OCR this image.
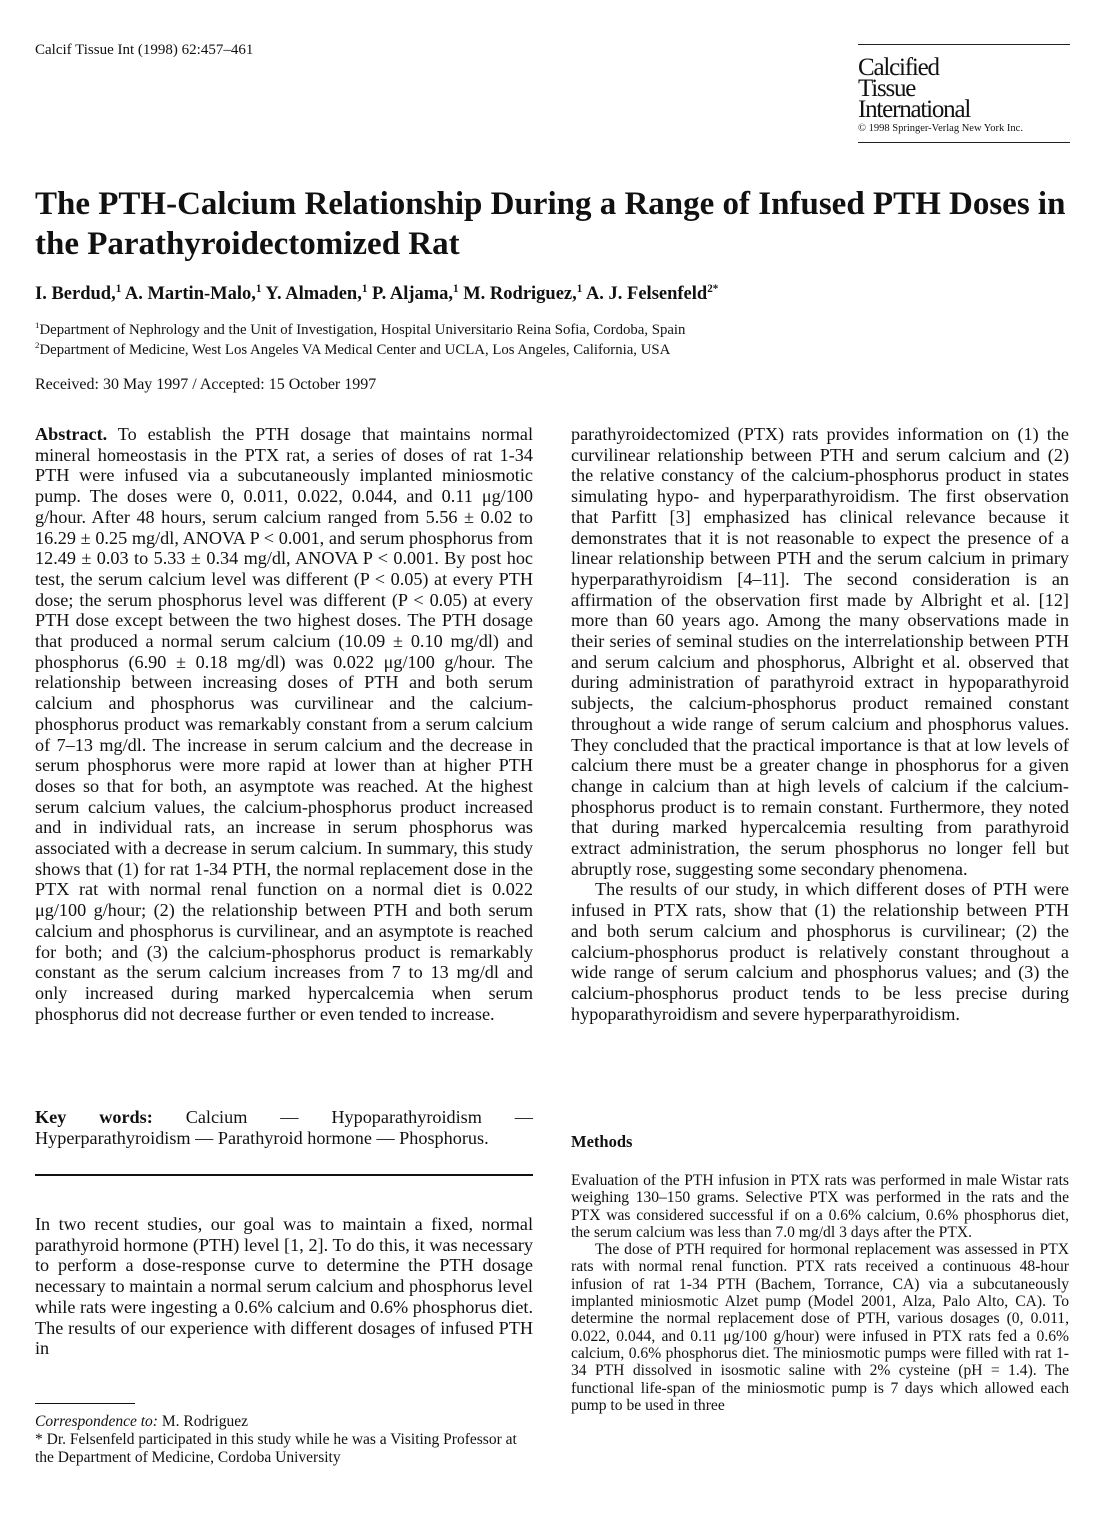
Calcif Tissue Int (1998) 62:457–461
Calcified
Tissue
International
© 1998 Springer-Verlag New York Inc.
The PTH-Calcium Relationship During a Range of Infused PTH Doses in the Parathyroidectomized Rat
I. Berdud,$^1$ A. Martin-Malo,$^1$ Y. Almaden,$^1$ P. Aljama,$^1$ M. Rodriguez,$^1$ A. J. Felsenfeld$^{2*}$
$^1$Department of Nephrology and the Unit of Investigation, Hospital Universitario Reina Sofia, Cordoba, Spain
$^2$Department of Medicine, West Los Angeles VA Medical Center and UCLA, Los Angeles, California, USA
Received: 30 May 1997 / Accepted: 15 October 1997

Abstract. To establish the PTH dosage that maintains normal mineral homeostasis in the PTX rat, a series of doses of rat 1-34 PTH were infused via a subcutaneously implanted miniosmotic pump. The doses were 0, 0.011, 0.022, 0.044, and 0.11 μg/100 g/hour. After 48 hours, serum calcium ranged from 5.56 ± 0.02 to 16.29 ± 0.25 mg/dl, ANOVA P < 0.001, and serum phosphorus from 12.49 ± 0.03 to 5.33 ± 0.34 mg/dl, ANOVA P < 0.001. By post hoc test, the serum calcium level was different (P < 0.05) at every PTH dose; the serum phosphorus level was different (P < 0.05) at every PTH dose except between the two highest doses. The PTH dosage that produced a normal serum calcium (10.09 ± 0.10 mg/dl) and phosphorus (6.90 ± 0.18 mg/dl) was 0.022 μg/100 g/hour. The relationship between increasing doses of PTH and both serum calcium and phosphorus was curvilinear and the calcium-phosphorus product was remarkably constant from a serum calcium of 7–13 mg/dl. The increase in serum calcium and the decrease in serum phosphorus were more rapid at lower than at higher PTH doses so that for both, an asymptote was reached. At the highest serum calcium values, the calcium-phosphorus product increased and in individual rats, an increase in serum phosphorus was associated with a decrease in serum calcium. In summary, this study shows that (1) for rat 1-34 PTH, the normal replacement dose in the PTX rat with normal renal function on a normal diet is 0.022 μg/100 g/hour; (2) the relationship between PTH and both serum calcium and phosphorus is curvilinear, and an asymptote is reached for both; and (3) the calcium-phosphorus product is remarkably constant as the serum calcium increases from 7 to 13 mg/dl and only increased during marked hypercalcemia when serum phosphorus did not decrease further or even tended to increase.

Key words: Calcium — Hypoparathyroidism — Hyperparathyroidism — Parathyroid hormone — Phosphorus.

In two recent studies, our goal was to maintain a fixed, normal parathyroid hormone (PTH) level [1, 2]. To do this, it was necessary to perform a dose-response curve to determine the PTH dosage necessary to maintain a normal serum calcium and phosphorus level while rats were ingesting a 0.6% calcium and 0.6% phosphorus diet. The results of our experience with different dosages of infused PTH in

Correspondence to: M. Rodriguez
* Dr. Felsenfeld participated in this study while he was a Visiting Professor at the Department of Medicine, Cordoba University

parathyroidectomized (PTX) rats provides information on (1) the curvilinear relationship between PTH and serum calcium and (2) the relative constancy of the calcium-phosphorus product in states simulating hypo- and hyperparathyroidism. The first observation that Parfitt [3] emphasized has clinical relevance because it demonstrates that it is not reasonable to expect the presence of a linear relationship between PTH and the serum calcium in primary hyperparathyroidism [4–11]. The second consideration is an affirmation of the observation first made by Albright et al. [12] more than 60 years ago. Among the many observations made in their series of seminal studies on the interrelationship between PTH and serum calcium and phosphorus, Albright et al. observed that during administration of parathyroid extract in hypoparathyroid subjects, the calcium-phosphorus product remained constant throughout a wide range of serum calcium and phosphorus values. They concluded that the practical importance is that at low levels of calcium there must be a greater change in phosphorus for a given change in calcium than at high levels of calcium if the calcium-phosphorus product is to remain constant. Furthermore, they noted that during marked hypercalcemia resulting from parathyroid extract administration, the serum phosphorus no longer fell but abruptly rose, suggesting some secondary phenomena.

The results of our study, in which different doses of PTH were infused in PTX rats, show that (1) the relationship between PTH and both serum calcium and phosphorus is curvilinear; (2) the calcium-phosphorus product is relatively constant throughout a wide range of serum calcium and phosphorus values; and (3) the calcium-phosphorus product tends to be less precise during hypoparathyroidism and severe hyperparathyroidism.

Methods

Evaluation of the PTH infusion in PTX rats was performed in male Wistar rats weighing 130–150 grams. Selective PTX was performed in the rats and the PTX was considered successful if on a 0.6% calcium, 0.6% phosphorus diet, the serum calcium was less than 7.0 mg/dl 3 days after the PTX.

The dose of PTH required for hormonal replacement was assessed in PTX rats with normal renal function. PTX rats received a continuous 48-hour infusion of rat 1-34 PTH (Bachem, Torrance, CA) via a subcutaneously implanted miniosmotic Alzet pump (Model 2001, Alza, Palo Alto, CA). To determine the normal replacement dose of PTH, various dosages (0, 0.011, 0.022, 0.044, and 0.11 μg/100 g/hour) were infused in PTX rats fed a 0.6% calcium, 0.6% phosphorus diet. The miniosmotic pumps were filled with rat 1-34 PTH dissolved in isosmotic saline with 2% cysteine (pH = 1.4). The functional life-span of the miniosmotic pump is 7 days which allowed each pump to be used in three
